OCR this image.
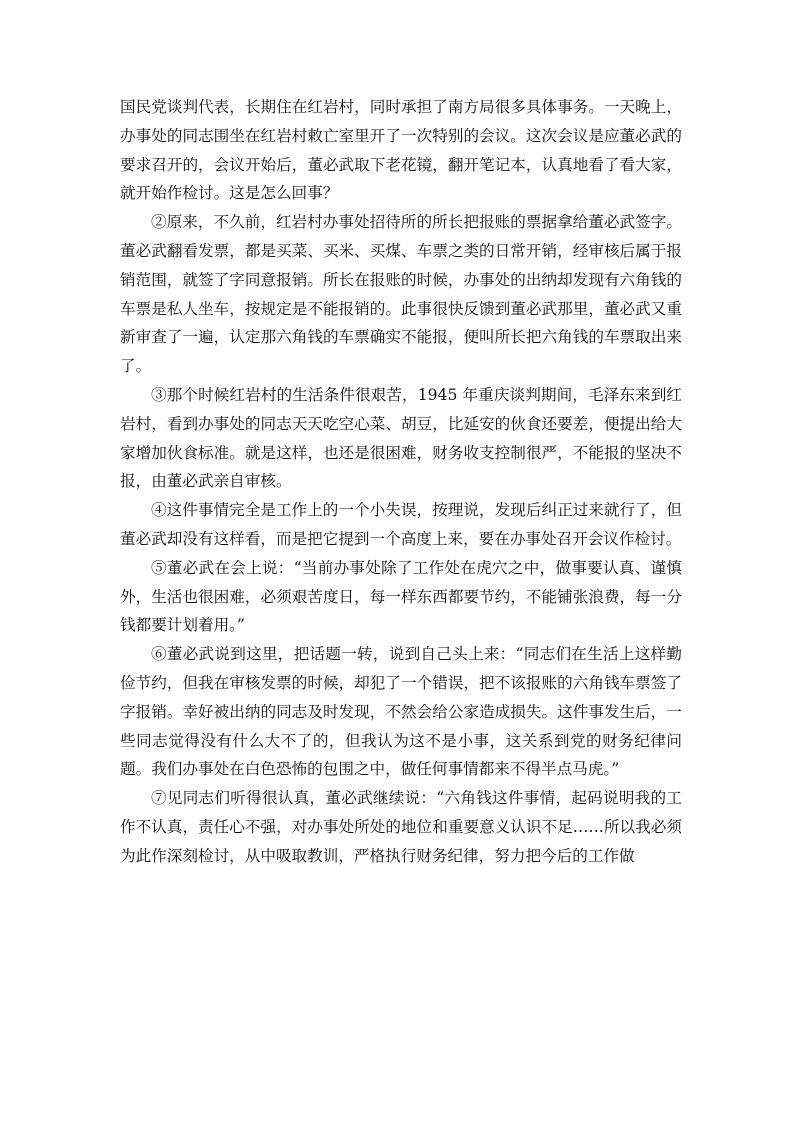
国民党谈判代表，长期住在红岩村，同时承担了南方局很多具体事务。一天晚上，办事处的同志围坐在红岩村敕亡室里开了一次特别的会议。这次会议是应董必武的要求召开的，会议开始后，董必武取下老花镜，翻开笔记本，认真地看了看大家，就开始作检讨。这是怎么回事？

②原来，不久前，红岩村办事处招待所的所长把报账的票据拿给董必武签字。董必武翻看发票，都是买菜、买米、买煤、车票之类的日常开销，经审核后属于报销范围，就签了字同意报销。所长在报账的时候，办事处的出纳却发现有六角钱的车票是私人坐车，按规定是不能报销的。此事很快反馈到董必武那里，董必武又重新审查了一遍，认定那六角钱的车票确实不能报，便叫所长把六角钱的车票取出来了。

③那个时候红岩村的生活条件很艰苦，1945 年重庆谈判期间，毛泽东来到红岩村，看到办事处的同志天天吃空心菜、胡豆，比延安的伙食还要差，便提出给大家增加伙食标准。就是这样，也还是很困难，财务收支控制很严，不能报的坚决不报，由董必武亲自审核。

④这件事情完全是工作上的一个小失误，按理说，发现后纠正过来就行了，但董必武却没有这样看，而是把它提到一个高度上来，要在办事处召开会议作检讨。

⑤董必武在会上说：“当前办事处除了工作处在虎穴之中，做事要认真、谨慎外，生活也很困难，必须艰苦度日，每一样东西都要节约，不能铺张浪费，每一分钱都要计划着用。”

⑥董必武说到这里，把话题一转，说到自己头上来：“同志们在生活上这样勤俭节约，但我在审核发票的时候，却犯了一个错误，把不该报账的六角钱车票签了字报销。幸好被出纳的同志及时发现，不然会给公家造成损失。这件事发生后，一些同志觉得没有什么大不了的，但我认为这不是小事，这关系到党的财务纪律问题。我们办事处在白色恐怖的包围之中，做任何事情都来不得半点马虎。”

⑦见同志们听得很认真，董必武继续说：“六角钱这件事情，起码说明我的工作不认真，责任心不强，对办事处所处的地位和重要意义认识不足……所以我必须为此作深刻检讨，从中吸取教训，严格执行财务纪律，努力把今后的工作做
